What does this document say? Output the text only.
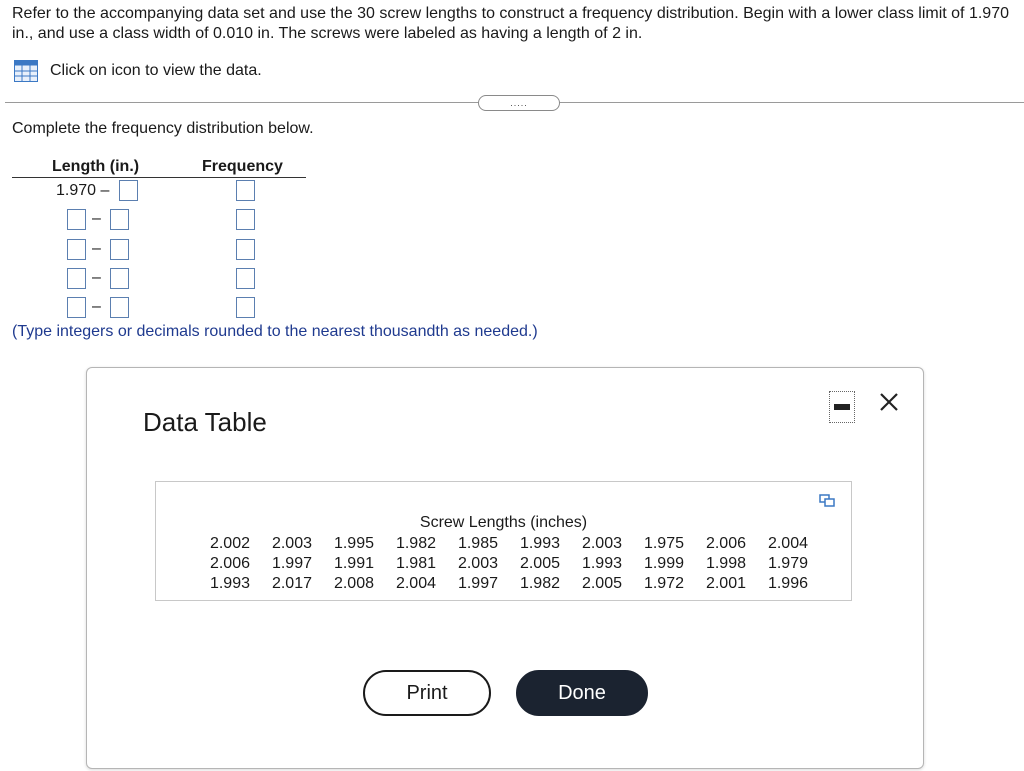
Refer to the accompanying data set and use the 30 screw lengths to construct a frequency distribution. Begin with a lower class limit of 1.970 in., and use a class width of 0.010 in. The screws were labeled as having a length of 2 in.
Click on icon to view the data.
.....
Complete the frequency distribution below.
Length (in.)	Frequency
1.970 –
–
–
–
–
(Type integers or decimals rounded to the nearest thousandth as needed.)
Data Table
Screw Lengths (inches)
2.002	2.003	1.995	1.982	1.985	1.993	2.003	1.975	2.006	2.004
2.006	1.997	1.991	1.981	2.003	2.005	1.993	1.999	1.998	1.979
1.993	2.017	2.008	2.004	1.997	1.982	2.005	1.972	2.001	1.996
Print	Done
